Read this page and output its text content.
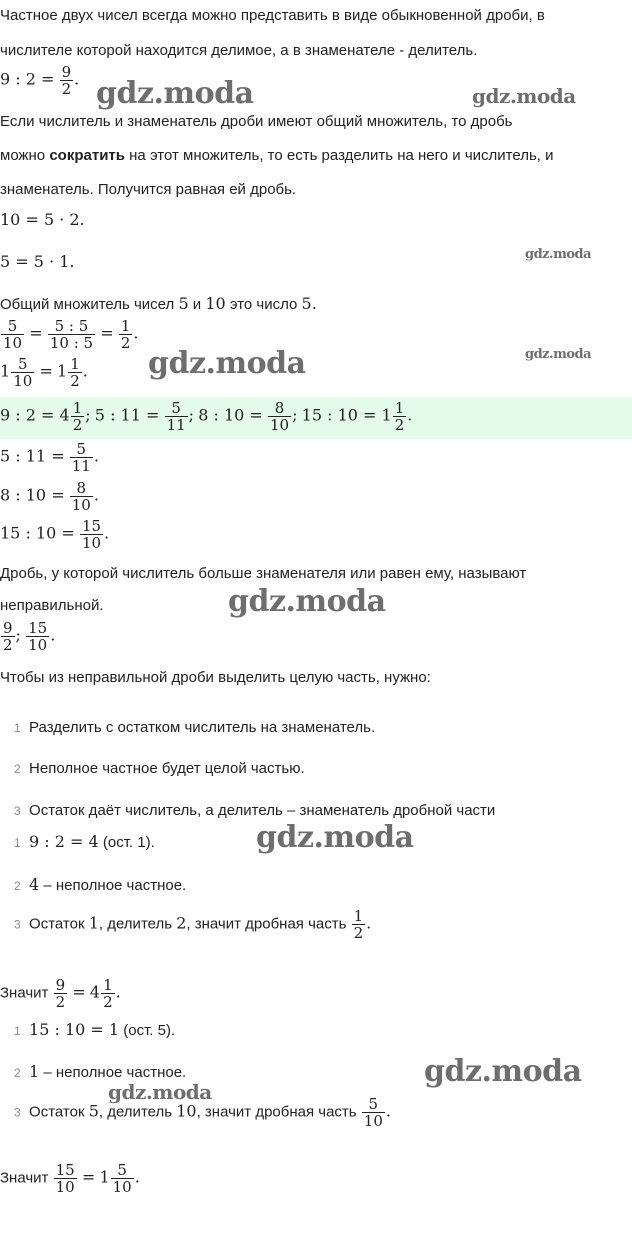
Частное двух чисел всегда можно представить в виде обыкновенной дроби, в
числителе которой находится делимое, а в знаменателе - делитель.
9 : $2 = \frac{9}{2}$ .
Если числитель и знаменатель дроби имеют общий множитель, то дробь
можно сократить на этот множитель, то есть разделить на него и числитель, и
знаменатель. Получится равная ей дробь.
10 = 5 · 2.
5 = 5 · 1.
Общий множитель чисел 5 и 10 это число 5.
$\frac{5}{10} = \frac{5 : 5}{10 : 5} = \frac{1}{2}$ .
$1 \frac{5}{10} = 1 \frac{1}{2}$ .
9 : $2 = 4 \frac{1}{2}$ ; 5 : $11 = \frac{5}{11}$ ; 8 : $10 = \frac{8}{10}$ ; 15 : $10 = 1 \frac{1}{2}$ .
5 : $11 = \frac{5}{11}$ .
8 : $10 = \frac{8}{10}$ .
15 : $10 = \frac{15}{10}$ .
Дробь, у которой числитель больше знаменателя или равен ему, называют
неправильной.
$\frac{9}{2}$ ; $\frac{15}{10}$ .
Чтобы из неправильной дроби выделить целую часть, нужно:
1 Разделить с остатком числитель на знаменатель.
2 Неполное частное будет целой частью.
3 Остаток даёт числитель, а делитель – знаменатель дробной части
1 9 : 2 = 4 (ост. 1).
2 4 – неполное частное.
3 Остаток 1, делитель 2, значит дробная часть $\frac{1}{2}$ .
Значит $\frac{9}{2} = 4 \frac{1}{2}$ .
1 15 : 10 = 1 (ост. 5).
2 1 – неполное частное.
3 Остаток 5, делитель 10, значит дробная часть $\frac{5}{10}$ .
Значит $\frac{15}{10} = 1 \frac{5}{10}$ .
gdz.moda	gdz.moda
gdz.moda
gdz.moda	gdz.moda
gdz.moda
gdz.moda
gdz.moda
gdz.moda
